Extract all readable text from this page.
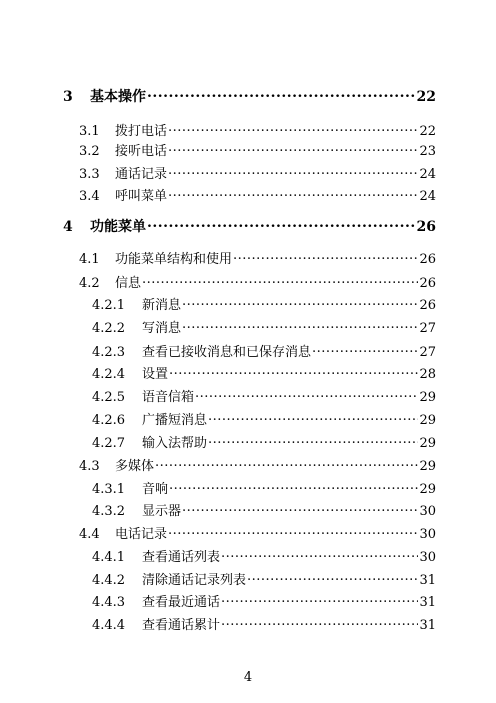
3	基本操作 .....	22
3.1	拨打电话 .....	22
3.2	接听电话 .....	23
3.3	通话记录 .....	24
3.4	呼叫菜单 .....	24
4	功能菜单 .....	26
4.1	功能菜单结构和使用 .....	26
4.2	信息 .....	26
4.2.1	新消息 .....	26
4.2.2	写消息 .....	27
4.2.3	查看已接收消息和已保存消息 .....	27
4.2.4	设置 .....	28
4.2.5	语音信箱 .....	29
4.2.6	广播短消息 .....	29
4.2.7	输入法帮助 .....	29
4.3	多媒体 .....	29
4.3.1	音响 .....	29
4.3.2	显示器 .....	30
4.4	电话记录 .....	30
4.4.1	查看通话列表 .....	30
4.4.2	清除通话记录列表 .....	31
4.4.3	查看最近通话 .....	31
4.4.4	查看通话累计 .....	31
4
